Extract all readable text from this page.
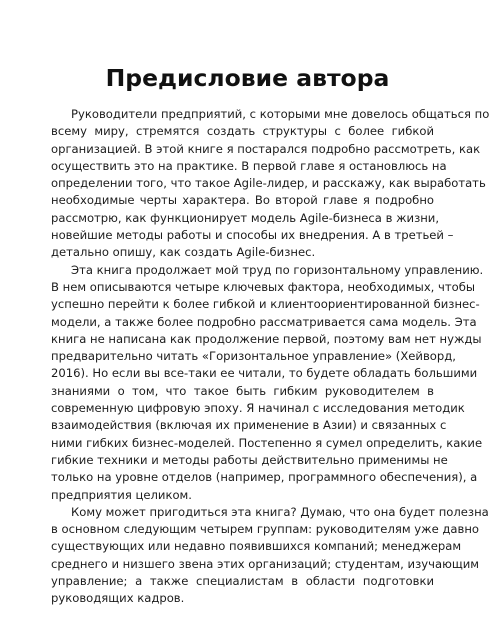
Предисловие автора

Руководители предприятий, с которыми мне довелось общаться по
всему миру, стремятся создать структуры с более гибкой
организацией. В этой книге я постарался подробно рассмотреть, как
осуществить это на практике. В первой главе я остановлюсь на
определении того, что такое Agile-лидер, и расскажу, как выработать
необходимые черты характера. Во второй главе я подробно
рассмотрю, как функционирует модель Agile-бизнеса в жизни,
новейшие методы работы и способы их внедрения. А в третьей –
детально опишу, как создать Agile-бизнес.

Эта книга продолжает мой труд по горизонтальному управлению.
В нем описываются четыре ключевых фактора, необходимых, чтобы
успешно перейти к более гибкой и клиентоориентированной бизнес-
модели, а также более подробно рассматривается сама модель. Эта
книга не написана как продолжение первой, поэтому вам нет нужды
предварительно читать «Горизонтальное управление» (Хейворд,
2016). Но если вы все-таки ее читали, то будете обладать большими
знаниями о том, что такое быть гибким руководителем в
современную цифровую эпоху. Я начинал с исследования методик
взаимодействия (включая их применение в Азии) и связанных с
ними гибких бизнес-моделей. Постепенно я сумел определить, какие
гибкие техники и методы работы действительно применимы не
только на уровне отделов (например, программного обеспечения), а
предприятия целиком.

Кому может пригодиться эта книга? Думаю, что она будет полезна
в основном следующим четырем группам: руководителям уже давно
существующих или недавно появившихся компаний; менеджерам
среднего и низшего звена этих организаций; студентам, изучающим
управление; а также специалистам в области подготовки
руководящих кадров.
